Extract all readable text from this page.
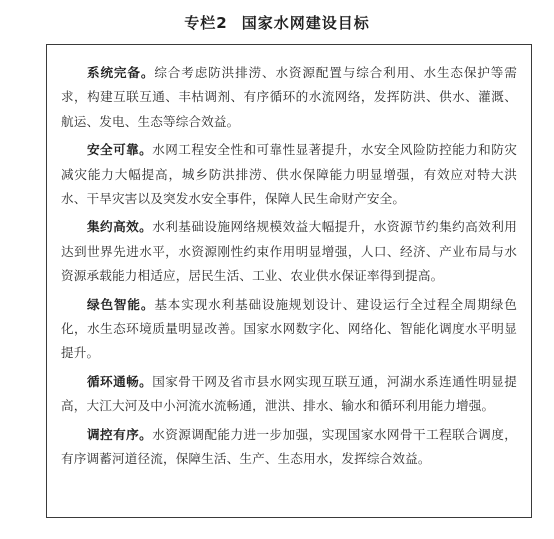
专栏2 国家水网建设目标

系统完备。综合考虑防洪排涝、水资源配置与综合利用、水生态保护等需求，构建互联互通、丰枯调剂、有序循环的水流网络，发挥防洪、供水、灌溉、航运、发电、生态等综合效益。

安全可靠。水网工程安全性和可靠性显著提升，水安全风险防控能力和防灾减灾能力大幅提高，城乡防洪排涝、供水保障能力明显增强，有效应对特大洪水、干旱灾害以及突发水安全事件，保障人民生命财产安全。

集约高效。水利基础设施网络规模效益大幅提升，水资源节约集约高效利用达到世界先进水平，水资源刚性约束作用明显增强，人口、经济、产业布局与水资源承载能力相适应，居民生活、工业、农业供水保证率得到提高。

绿色智能。基本实现水利基础设施规划设计、建设运行全过程全周期绿色化，水生态环境质量明显改善。国家水网数字化、网络化、智能化调度水平明显提升。

循环通畅。国家骨干网及省市县水网实现互联互通，河湖水系连通性明显提高，大江大河及中小河流水流畅通，泄洪、排水、输水和循环利用能力增强。

调控有序。水资源调配能力进一步加强，实现国家水网骨干工程联合调度，有序调蓄河道径流，保障生活、生产、生态用水，发挥综合效益。
